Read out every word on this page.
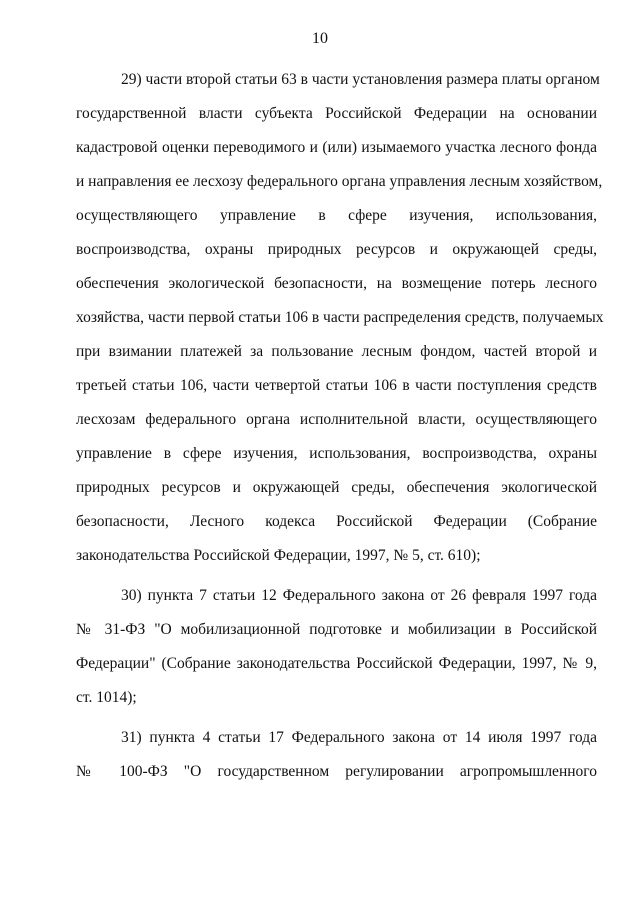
10
29) части второй статьи 63 в части установления размера платы органом
государственной власти субъекта Российской Федерации на основании
кадастровой оценки переводимого и (или) изымаемого участка лесного фонда
и направления ее лесхозу федерального органа управления лесным хозяйством,
осуществляющего управление в сфере изучения, использования,
воспроизводства, охраны природных ресурсов и окружающей среды,
обеспечения экологической безопасности, на возмещение потерь лесного
хозяйства, части первой статьи 106 в части распределения средств, получаемых
при взимании платежей за пользование лесным фондом, частей второй и
третьей статьи 106, части четвертой статьи 106 в части поступления средств
лесхозам федерального органа исполнительной власти, осуществляющего
управление в сфере изучения, использования, воспроизводства, охраны
природных ресурсов и окружающей среды, обеспечения экологической
безопасности, Лесного кодекса Российской Федерации (Собрание
законодательства Российской Федерации, 1997, № 5, ст. 610);
30) пункта 7 статьи 12 Федерального закона от 26 февраля 1997 года
№ 31-ФЗ "О мобилизационной подготовке и мобилизации в Российской
Федерации" (Собрание законодательства Российской Федерации, 1997, № 9,
ст. 1014);
31) пункта 4 статьи 17 Федерального закона от 14 июля 1997 года
№ 100-ФЗ "О государственном регулировании агропромышленного
